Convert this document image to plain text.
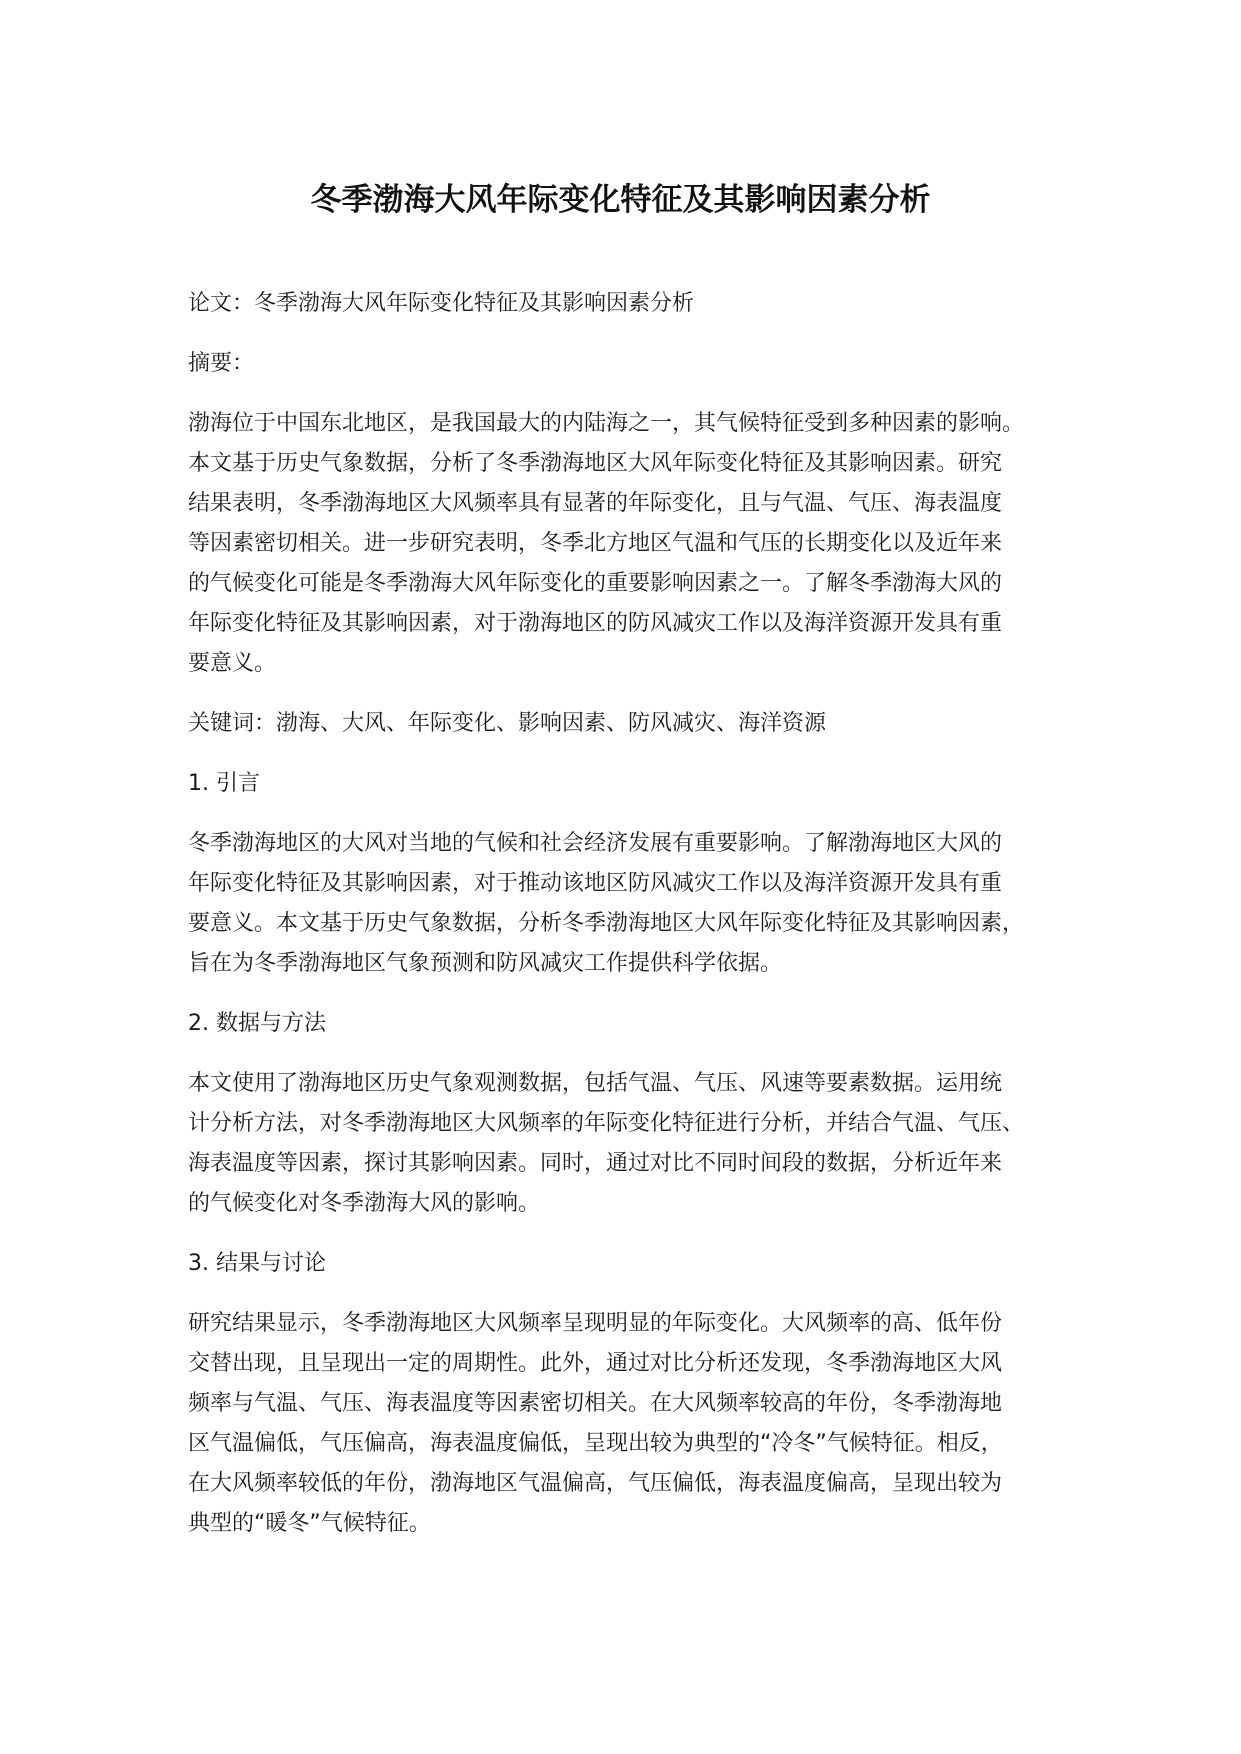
冬季渤海大风年际变化特征及其影响因素分析

论文：冬季渤海大风年际变化特征及其影响因素分析

摘要：

渤海位于中国东北地区，是我国最大的内陆海之一，其气候特征受到多种因素的影响。
本文基于历史气象数据，分析了冬季渤海地区大风年际变化特征及其影响因素。研究
结果表明，冬季渤海地区大风频率具有显著的年际变化，且与气温、气压、海表温度
等因素密切相关。进一步研究表明，冬季北方地区气温和气压的长期变化以及近年来
的气候变化可能是冬季渤海大风年际变化的重要影响因素之一。了解冬季渤海大风的
年际变化特征及其影响因素，对于渤海地区的防风减灾工作以及海洋资源开发具有重
要意义。

关键词：渤海、大风、年际变化、影响因素、防风减灾、海洋资源

1. 引言

冬季渤海地区的大风对当地的气候和社会经济发展有重要影响。了解渤海地区大风的
年际变化特征及其影响因素，对于推动该地区防风减灾工作以及海洋资源开发具有重
要意义。本文基于历史气象数据，分析冬季渤海地区大风年际变化特征及其影响因素，
旨在为冬季渤海地区气象预测和防风减灾工作提供科学依据。

2. 数据与方法

本文使用了渤海地区历史气象观测数据，包括气温、气压、风速等要素数据。运用统
计分析方法，对冬季渤海地区大风频率的年际变化特征进行分析，并结合气温、气压、
海表温度等因素，探讨其影响因素。同时，通过对比不同时间段的数据，分析近年来
的气候变化对冬季渤海大风的影响。

3. 结果与讨论

研究结果显示，冬季渤海地区大风频率呈现明显的年际变化。大风频率的高、低年份
交替出现，且呈现出一定的周期性。此外，通过对比分析还发现，冬季渤海地区大风
频率与气温、气压、海表温度等因素密切相关。在大风频率较高的年份，冬季渤海地
区气温偏低，气压偏高，海表温度偏低，呈现出较为典型的“冷冬”气候特征。相反，
在大风频率较低的年份，渤海地区气温偏高，气压偏低，海表温度偏高，呈现出较为
典型的“暖冬”气候特征。
